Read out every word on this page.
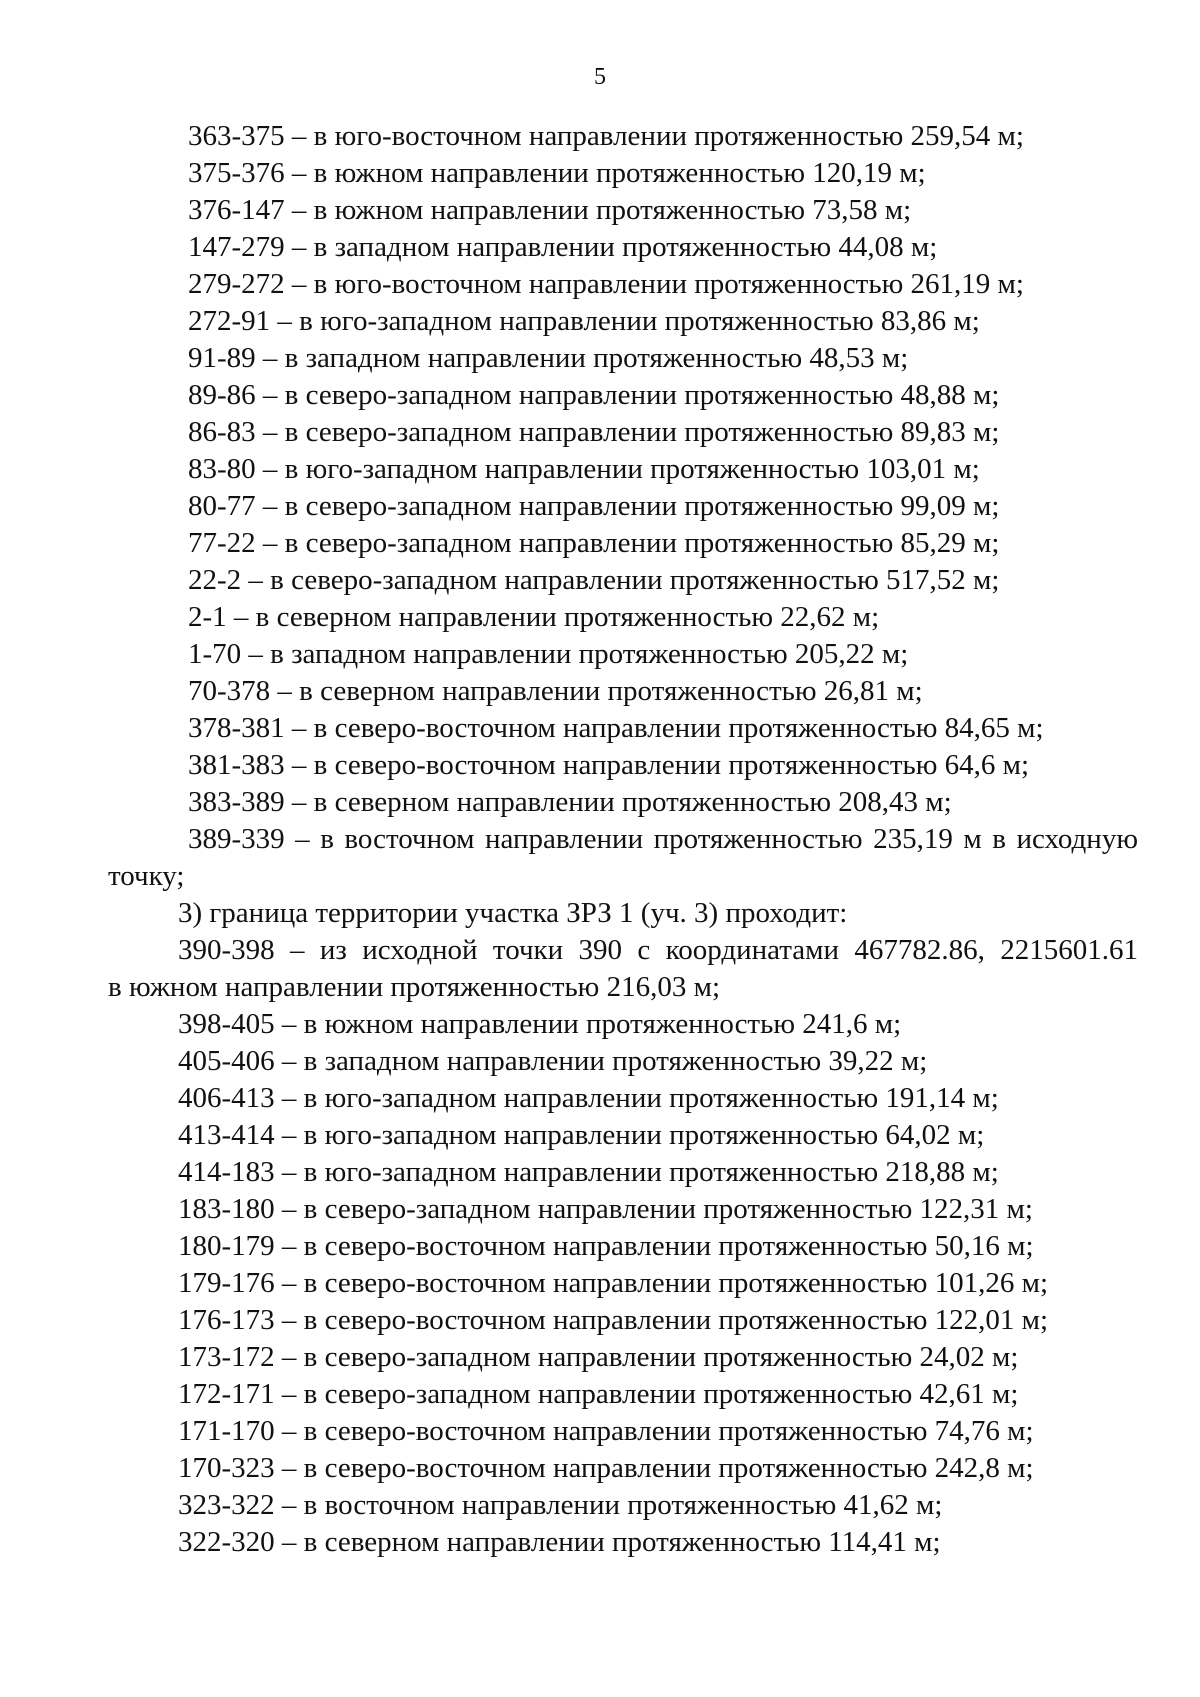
5
363-375 – в юго-восточном направлении протяженностью 259,54 м;
375-376 – в южном направлении протяженностью 120,19 м;
376-147 – в южном направлении протяженностью 73,58 м;
147-279 – в западном направлении протяженностью 44,08 м;
279-272 – в юго-восточном направлении протяженностью 261,19 м;
272-91 – в юго-западном направлении протяженностью 83,86 м;
91-89 – в западном направлении протяженностью 48,53 м;
89-86 – в северо-западном направлении протяженностью 48,88 м;
86-83 – в северо-западном направлении протяженностью 89,83 м;
83-80 – в юго-западном направлении протяженностью 103,01 м;
80-77 – в северо-западном направлении протяженностью 99,09 м;
77-22 – в северо-западном направлении протяженностью 85,29 м;
22-2 – в северо-западном направлении протяженностью 517,52 м;
2-1 – в северном направлении протяженностью 22,62 м;
1-70 – в западном направлении протяженностью 205,22 м;
70-378 – в северном направлении протяженностью 26,81 м;
378-381 – в северо-восточном направлении протяженностью 84,65 м;
381-383 – в северо-восточном направлении протяженностью 64,6 м;
383-389 – в северном направлении протяженностью 208,43 м;
389-339 – в восточном направлении протяженностью 235,19 м в исходную
точку;
3) граница территории участка ЗРЗ 1 (уч. 3) проходит:
390-398 – из исходной точки 390 с координатами 467782.86, 2215601.61
в южном направлении протяженностью 216,03 м;
398-405 – в южном направлении протяженностью 241,6 м;
405-406 – в западном направлении протяженностью 39,22 м;
406-413 – в юго-западном направлении протяженностью 191,14 м;
413-414 – в юго-западном направлении протяженностью 64,02 м;
414-183 – в юго-западном направлении протяженностью 218,88 м;
183-180 – в северо-западном направлении протяженностью 122,31 м;
180-179 – в северо-восточном направлении протяженностью 50,16 м;
179-176 – в северо-восточном направлении протяженностью 101,26 м;
176-173 – в северо-восточном направлении протяженностью 122,01 м;
173-172 – в северо-западном направлении протяженностью 24,02 м;
172-171 – в северо-западном направлении протяженностью 42,61 м;
171-170 – в северо-восточном направлении протяженностью 74,76 м;
170-323 – в северо-восточном направлении протяженностью 242,8 м;
323-322 – в восточном направлении протяженностью 41,62 м;
322-320 – в северном направлении протяженностью 114,41 м;
